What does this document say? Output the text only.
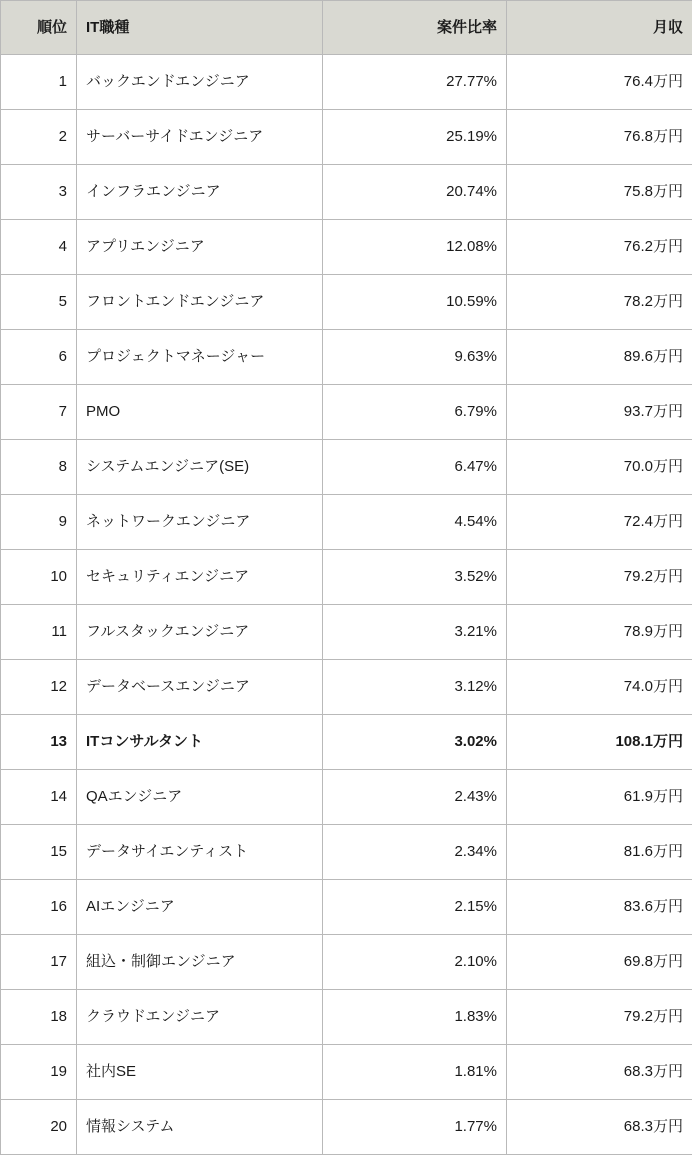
順位	IT職種	案件比率	月収
1	バックエンドエンジニア	27.77%	76.4万円
2	サーバーサイドエンジニア	25.19%	76.8万円
3	インフラエンジニア	20.74%	75.8万円
4	アプリエンジニア	12.08%	76.2万円
5	フロントエンドエンジニア	10.59%	78.2万円
6	プロジェクトマネージャー	9.63%	89.6万円
7	PMO	6.79%	93.7万円
8	システムエンジニア(SE)	6.47%	70.0万円
9	ネットワークエンジニア	4.54%	72.4万円
10	セキュリティエンジニア	3.52%	79.2万円
11	フルスタックエンジニア	3.21%	78.9万円
12	データベースエンジニア	3.12%	74.0万円
13	ITコンサルタント	3.02%	108.1万円
14	QAエンジニア	2.43%	61.9万円
15	データサイエンティスト	2.34%	81.6万円
16	AIエンジニア	2.15%	83.6万円
17	組込・制御エンジニア	2.10%	69.8万円
18	クラウドエンジニア	1.83%	79.2万円
19	社内SE	1.81%	68.3万円
20	情報システム	1.77%	68.3万円
